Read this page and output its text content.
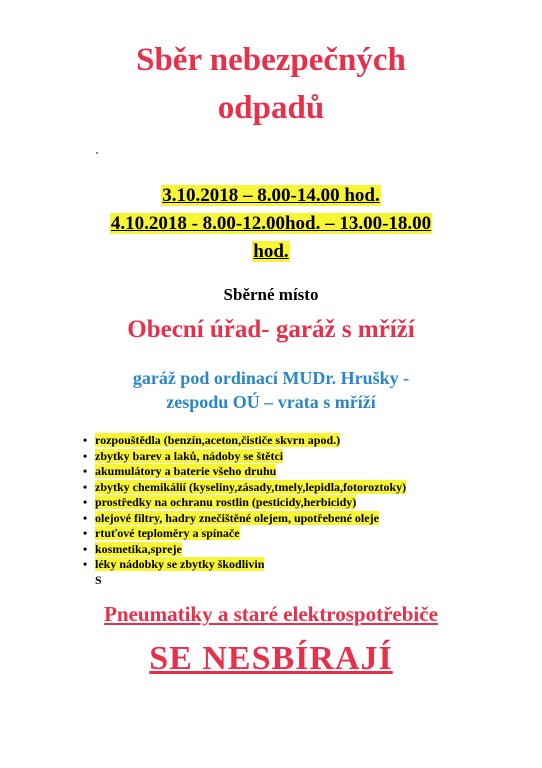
Sběr nebezpečných
odpadů
3.10.2018 – 8.00-14.00 hod.
4.10.2018 - 8.00-12.00hod. – 13.00-18.00
hod.
Sběrné místo
Obecní úřad- garáž s mříží
garáž pod ordinací MUDr. Hrušky -
zespodu OÚ – vrata s mříží
• rozpouštědla (benzín,aceton,čističe skvrn apod.)
• zbytky barev a laků, nádoby se štětci
• akumulátory a baterie všeho druhu
• zbytky chemikálií (kyseliny,zásady,tmely,lepidla,fotoroztoky)
• prostředky na ochranu rostlin (pesticidy,herbicidy)
• olejové filtry, hadry znečištěné olejem, upotřebené oleje
• rtuťové teploměry a spínače
• kosmetika,spreje
• léky nádobky se zbytky škodlivin
S
Pneumatiky a staré elektrospotřebiče
SE NESBÍRAJÍ
